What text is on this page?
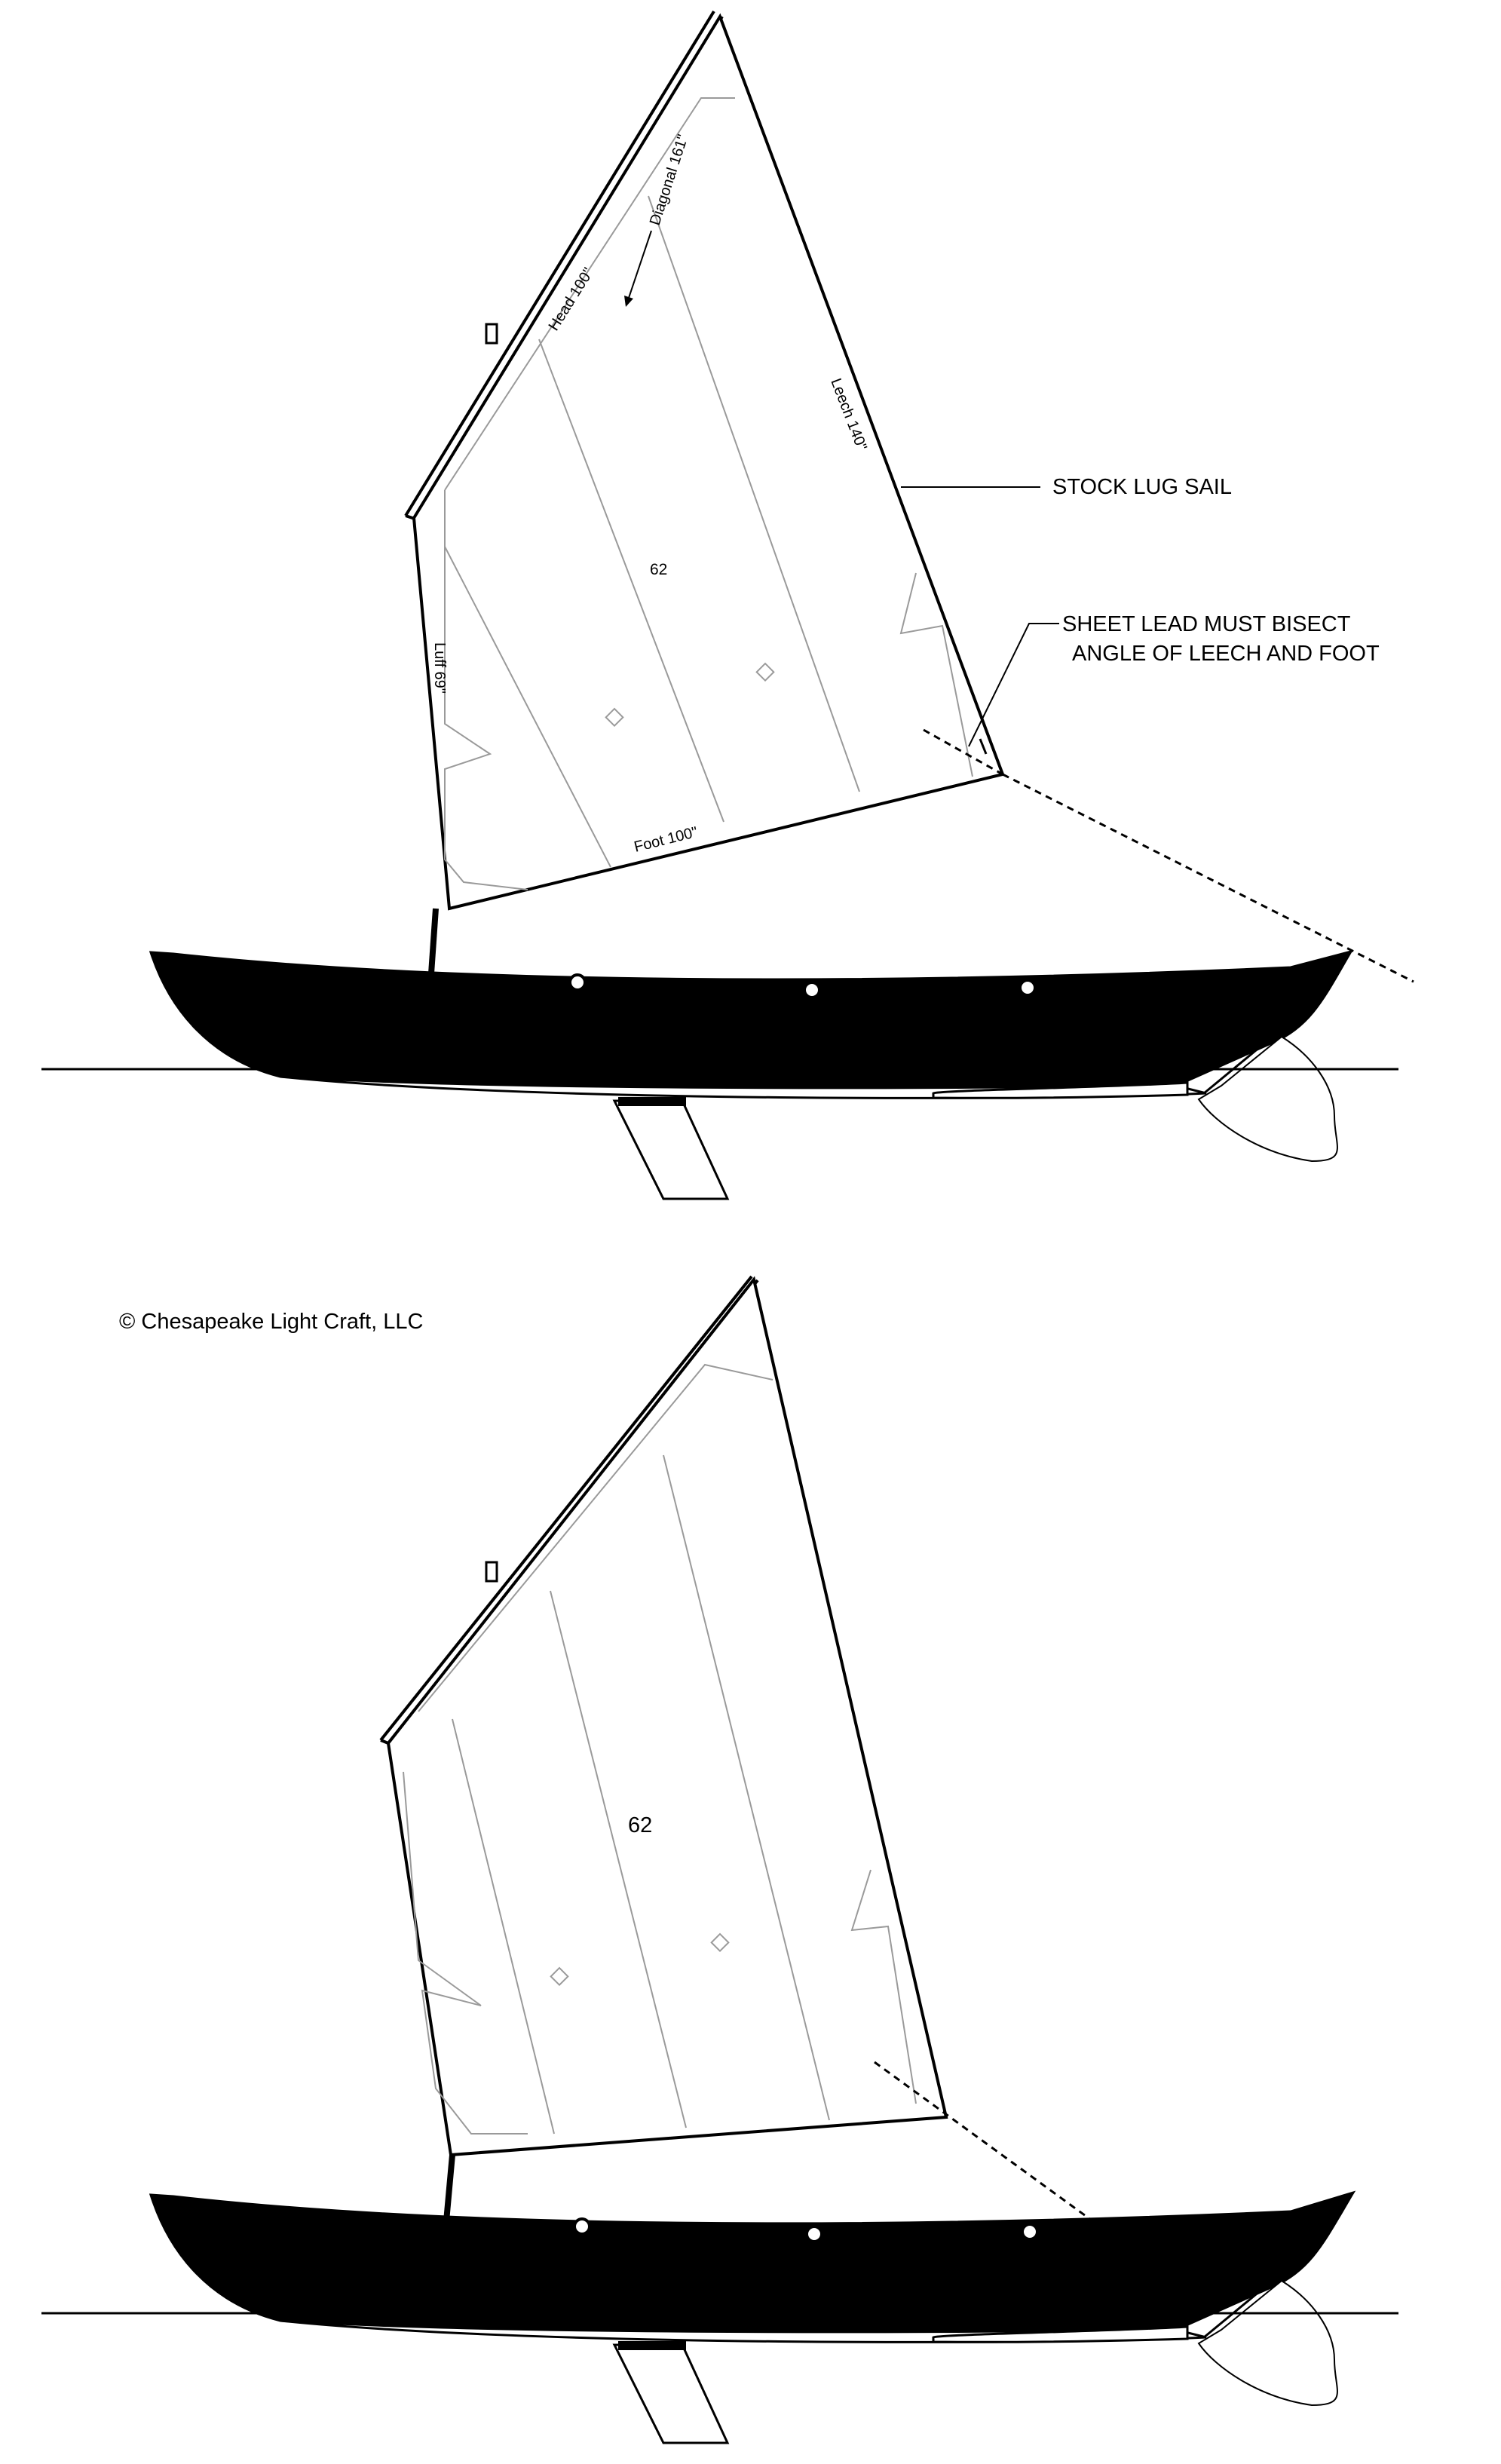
62
Head 100"
Diagonal 161"
Leech 140"
Luff 69"
Foot 100"
STOCK LUG SAIL
SHEET LEAD MUST BISECT
ANGLE OF LEECH AND FOOT
© Chesapeake Light Craft, LLC
62
